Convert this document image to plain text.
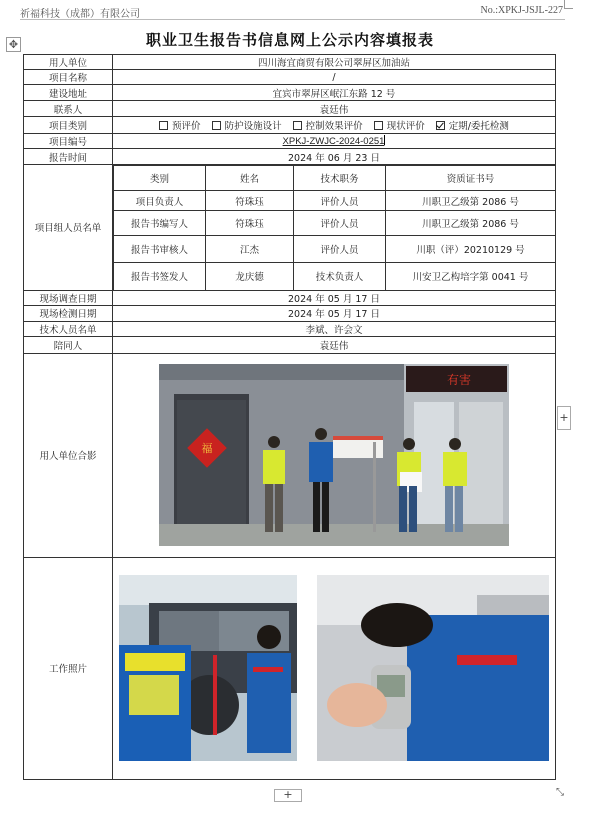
祈福科技（成都）有限公司	No.:XPKJ-JSJL-227
✥	职业卫生报告书信息网上公示内容填报表
用人单位	四川海宜商贸有限公司翠屏区加油站
项目名称	/
建设地址	宜宾市翠屏区岷江东路 12 号
联系人	袁廷伟
项目类别	预评价	防护设施设计	控制效果评价	现状评价	定期/委托检测
项目编号	XPKJ-ZWJC-2024-0251
报告时间	2024 年 06 月 23 日
项目组人员名单	
类别	姓名	技术职务	资质证书号
项目负责人	符珠珏	评价人员	川职卫乙级第 2086 号
报告书编写人	符珠珏	评价人员	川职卫乙级第 2086 号
报告书审核人	江杰	评价人员	川职（评）20210129 号
报告书签发人	龙庆德	技术负责人	川安卫乙构培字第 0041 号

现场调查日期	2024 年 05 月 17 日
现场检测日期	2024 年 05 月 17 日
技术人员名单	李斌、许会文
陪同人	袁廷伟
用人单位合影	
有害
福

工作照片	
+
+	⤡
